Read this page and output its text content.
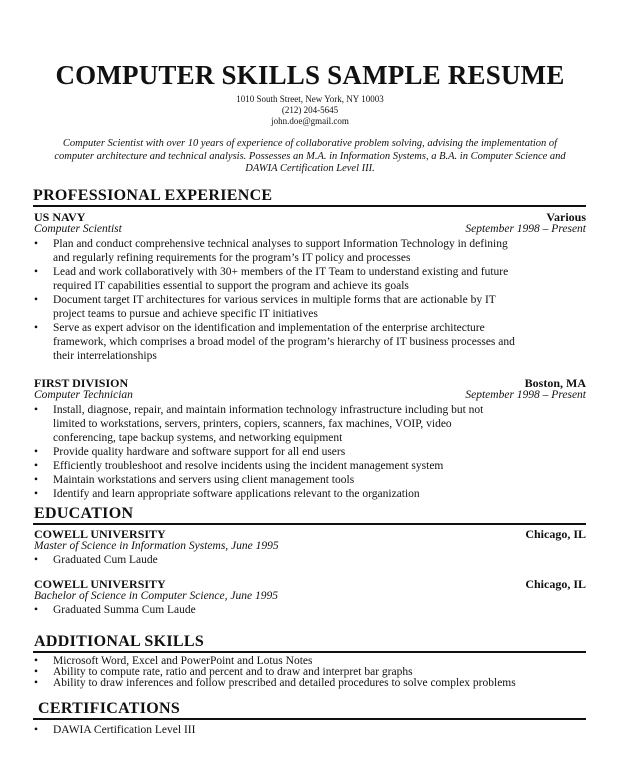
COMPUTER SKILLS SAMPLE RESUME
1010 South Street, New York, NY 10003
(212) 204-5645
john.doe@gmail.com
Computer Scientist with over 10 years of experience of collaborative problem solving, advising the implementation of
computer architecture and technical analysis. Possesses an M.A. in Information Systems, a B.A. in Computer Science and
DAWIA Certification Level III.
PROFESSIONAL EXPERIENCE
US NAVY	Various
Computer Scientist	September 1998 – Present
• Plan and conduct comprehensive technical analyses to support Information Technology in defining
and regularly refining requirements for the program’s IT policy and processes
• Lead and work collaboratively with 30+ members of the IT Team to understand existing and future
required IT capabilities essential to support the program and achieve its goals
• Document target IT architectures for various services in multiple forms that are actionable by IT
project teams to pursue and achieve specific IT initiatives
• Serve as expert advisor on the identification and implementation of the enterprise architecture
framework, which comprises a broad model of the program’s hierarchy of IT business processes and
their interrelationships
FIRST DIVISION	Boston, MA
Computer Technician	September 1998 – Present
• Install, diagnose, repair, and maintain information technology infrastructure including but not
limited to workstations, servers, printers, copiers, scanners, fax machines, VOIP, video
conferencing, tape backup systems, and networking equipment
• Provide quality hardware and software support for all end users
• Efficiently troubleshoot and resolve incidents using the incident management system
• Maintain workstations and servers using client management tools
• Identify and learn appropriate software applications relevant to the organization
EDUCATION
COWELL UNIVERSITY	Chicago, IL
Master of Science in Information Systems, June 1995
• Graduated Cum Laude
COWELL UNIVERSITY	Chicago, IL
Bachelor of Science in Computer Science, June 1995
• Graduated Summa Cum Laude
ADDITIONAL SKILLS
• Microsoft Word, Excel and PowerPoint and Lotus Notes
• Ability to compute rate, ratio and percent and to draw and interpret bar graphs
• Ability to draw inferences and follow prescribed and detailed procedures to solve complex problems
CERTIFICATIONS
• DAWIA Certification Level III
